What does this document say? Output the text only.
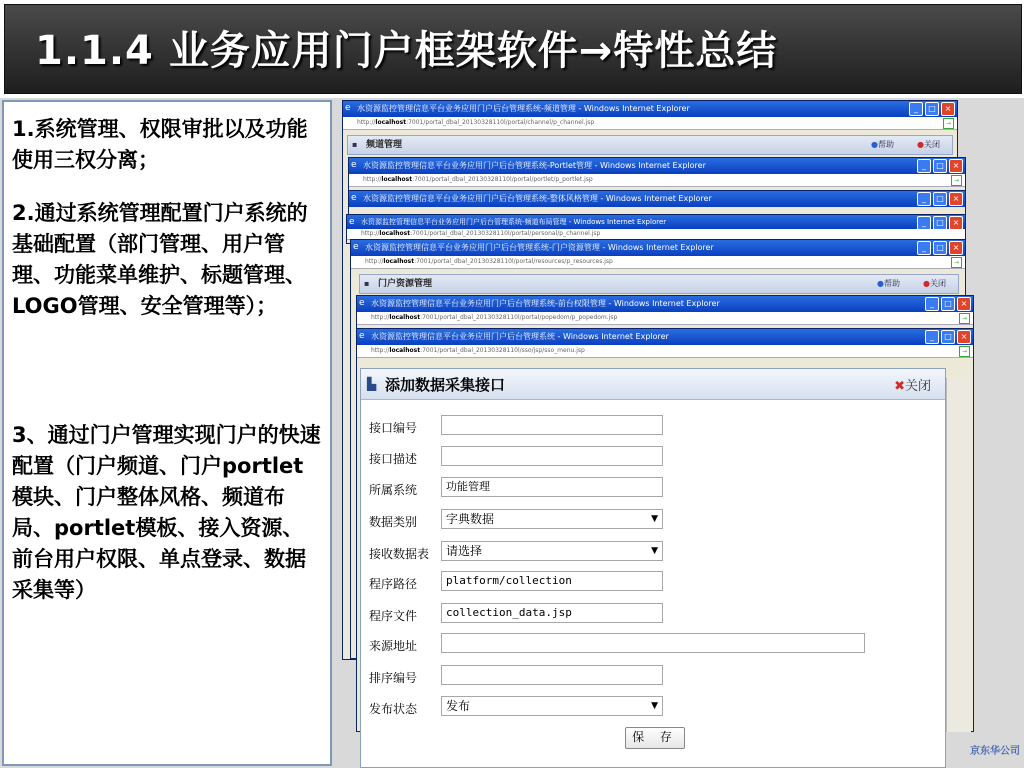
1.1.4 业务应用门户框架软件→特性总结
1.系统管理、权限审批以及功能使用三权分离；
2.通过系统管理配置门户系统的基础配置（部门管理、用户管理、功能菜单维护、标题管理、LOGO管理、安全管理等）；
3、通过门户管理实现门户的快速配置（门户频道、门户portlet模块、门户整体风格、频道布局、portlet模板、接入资源、前台用户权限、单点登录、数据采集等）
e 水资源监控管理信息平台业务应用门户后台管理系统-频道管理 - Windows Internet Explorer	_ □ ×
http://localhost:7001/portal_dbal_20130328110l/portal/channel/p_channel.jsp	→
▪ 频道管理	●帮助	●关闭
e 水资源监控管理信息平台业务应用门户后台管理系统-Portlet管理 - Windows Internet Explorer	_ □ ×
http://localhost:7001/portal_dbal_20130328110l/portal/portlet/p_portlet.jsp	→
e 水资源监控管理信息平台业务应用门户后台管理系统-整体风格管理 - Windows Internet Explorer	_ □ ×
e 水资源监控管理信息平台业务应用门户后台管理系统-频道布局管理 - Windows Internet Explorer	_ □ ×
http://localhost:7001/portal_dbal_20130328110l/portal/personal/p_channel.jsp
e 水资源监控管理信息平台业务应用门户后台管理系统-门户资源管理 - Windows Internet Explorer	_ □ ×
http://localhost:7001/portal_dbal_20130328110l/portal/resources/p_resources.jsp	→
▪ 门户资源管理	●帮助	●关闭
e 水资源监控管理信息平台业务应用门户后台管理系统-前台权限管理 - Windows Internet Explorer	_ □ ×
http://localhost:7001/portal_dbal_20130328110l/portal/popedom/p_popedom.jsp	→
e 水资源监控管理信息平台业务应用门户后台管理系统 - Windows Internet Explorer	_ □ ×
http://localhost:7001/portal_dbal_20130328110l/sso/jsp/sso_menu.jsp	→
▙ 添加数据采集接口	✖关闭
接口编号
接口描述
所属系统	功能管理
数据类别	字典数据	▼
接收数据表	请选择	▼
程序路径	platform/collection
程序文件	collection_data.jsp
来源地址
排序编号
发布状态	发布	▼
保 存
京东华公司
